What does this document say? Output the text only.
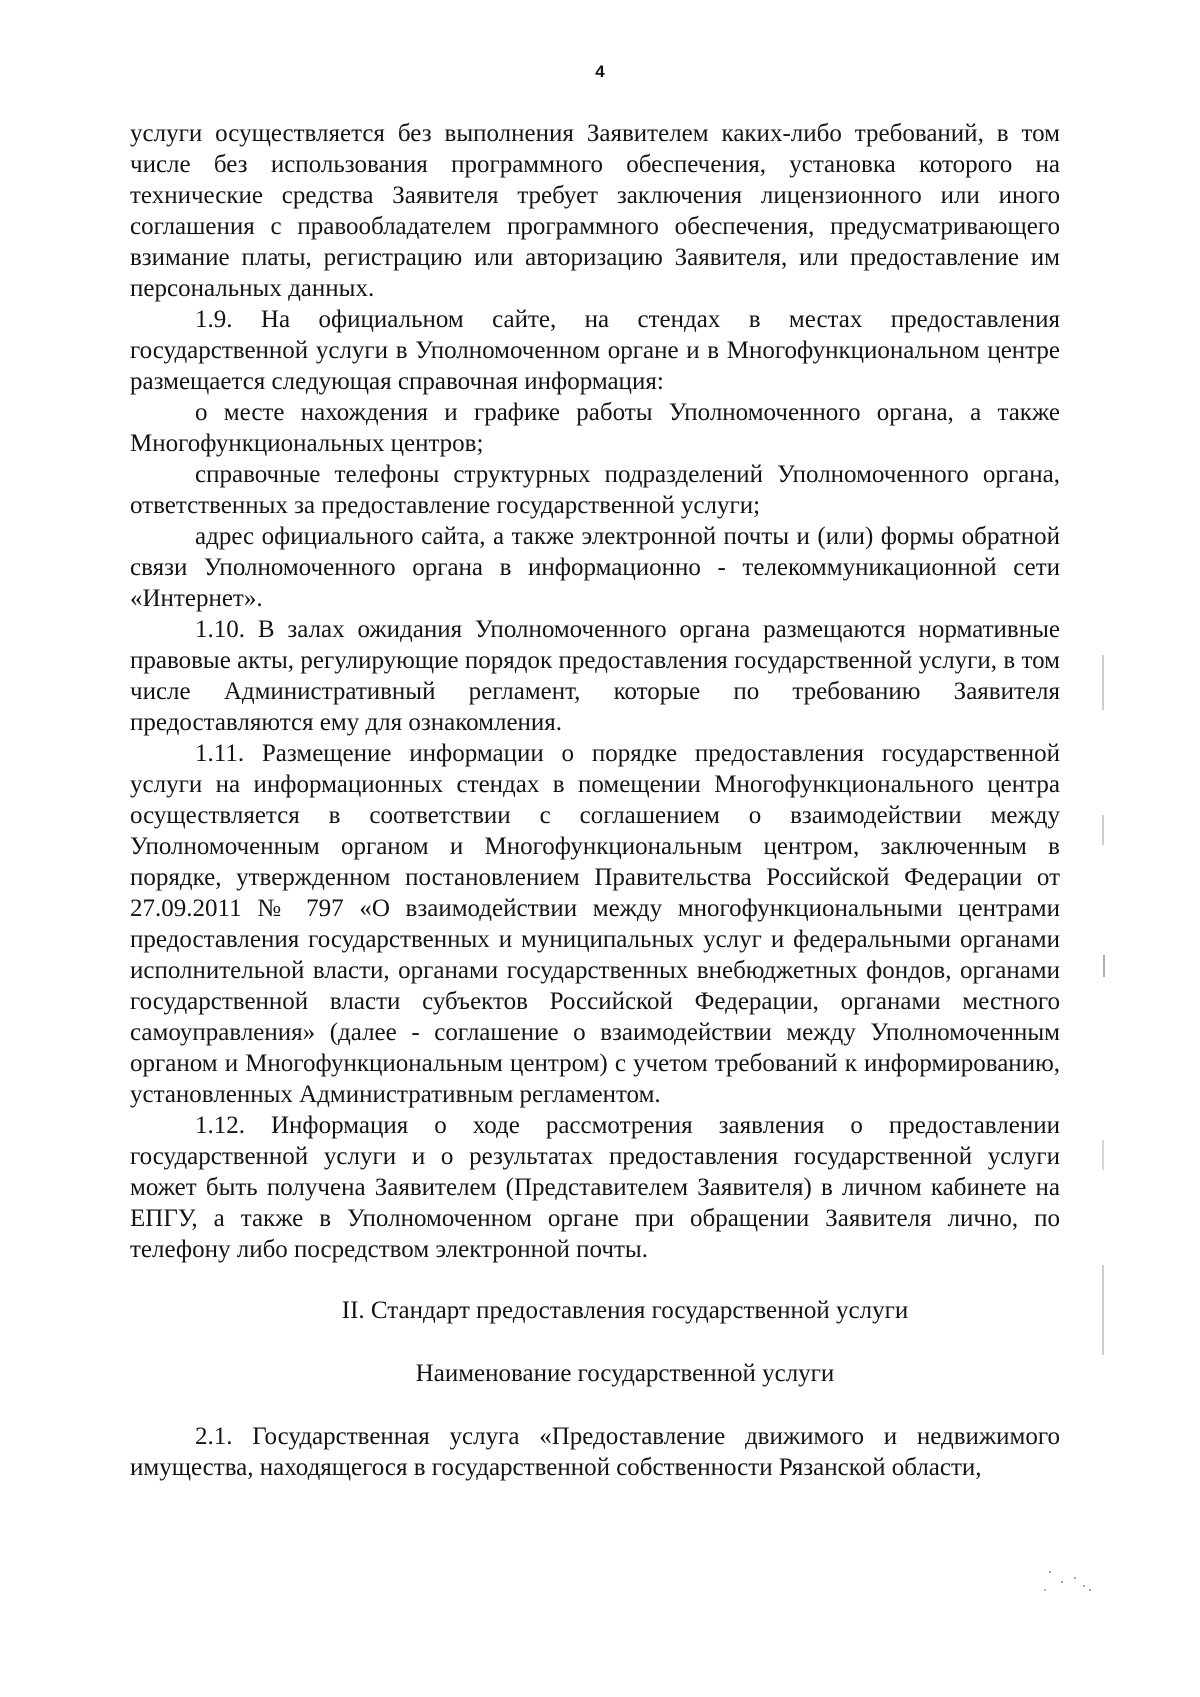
4

услуги осуществляется без выполнения Заявителем каких-либо требований, в том числе без использования программного обеспечения, установка которого на технические средства Заявителя требует заключения лицензионного или иного соглашения с правообладателем программного обеспечения, предусматривающего взимание платы, регистрацию или авторизацию Заявителя, или предоставление им персональных данных.

1.9. На официальном сайте, на стендах в местах предоставления государственной услуги в Уполномоченном органе и в Многофункциональном центре размещается следующая справочная информация:

о месте нахождения и графике работы Уполномоченного органа, а также Многофункциональных центров;

справочные телефоны структурных подразделений Уполномоченного органа, ответственных за предоставление государственной услуги;

адрес официального сайта, а также электронной почты и (или) формы обратной связи Уполномоченного органа в информационно - телекоммуникационной сети «Интернет».

1.10. В залах ожидания Уполномоченного органа размещаются нормативные правовые акты, регулирующие порядок предоставления государственной услуги, в том числе Административный регламент, которые по требованию Заявителя предоставляются ему для ознакомления.

1.11. Размещение информации о порядке предоставления государственной услуги на информационных стендах в помещении Многофункционального центра осуществляется в соответствии с соглашением о взаимодействии между Уполномоченным органом и Многофункциональным центром, заключенным в порядке, утвержденном постановлением Правительства Российской Федерации от 27.09.2011 № 797 «О взаимодействии между многофункциональными центрами предоставления государственных и муниципальных услуг и федеральными органами исполнительной власти, органами государственных внебюджетных фондов, органами государственной власти субъектов Российской Федерации, органами местного самоуправления» (далее - соглашение о взаимодействии между Уполномоченным органом и Многофункциональным центром) с учетом требований к информированию, установленных Административным регламентом.

1.12. Информация о ходе рассмотрения заявления о предоставлении государственной услуги и о результатах предоставления государственной услуги может быть получена Заявителем (Представителем Заявителя) в личном кабинете на ЕПГУ, а также в Уполномоченном органе при обращении Заявителя лично, по телефону либо посредством электронной почты.

II. Стандарт предоставления государственной услуги

Наименование государственной услуги

2.1. Государственная услуга «Предоставление движимого и недвижимого имущества, находящегося в государственной собственности Рязанской области,
